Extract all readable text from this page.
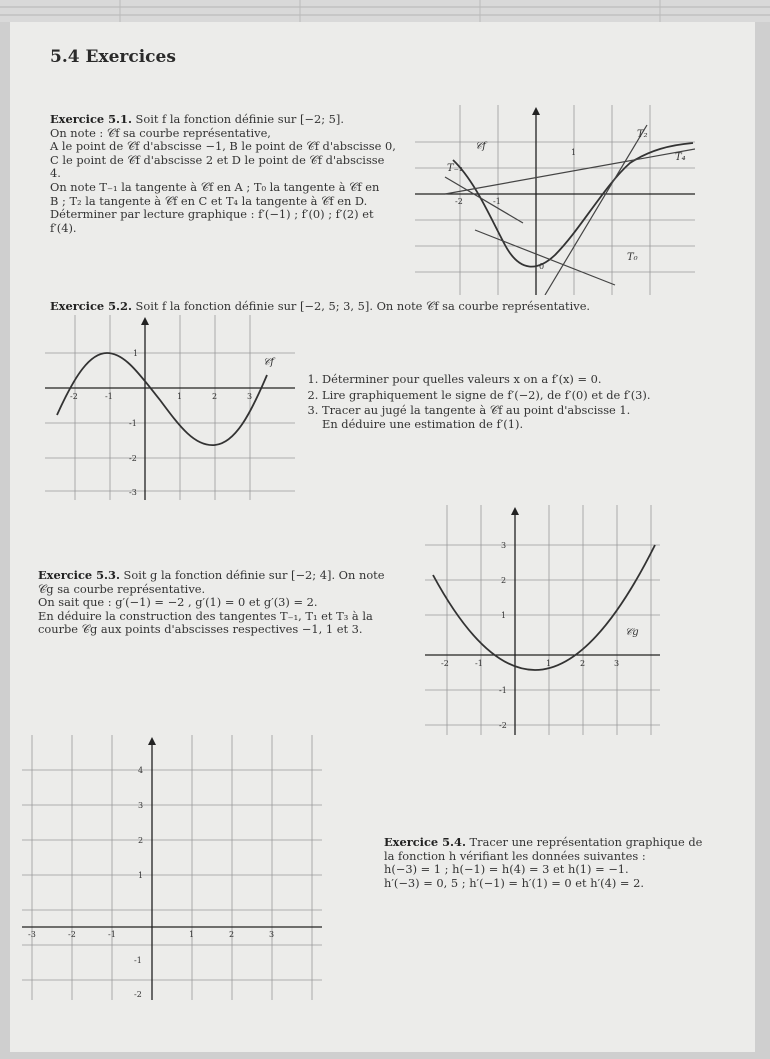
5.4 Exercices

Exercice 5.1. Soit f la fonction définie sur [−2; 5].

On note : 𝒞f sa courbe représentative,

A le point de 𝒞f d'abscisse −1, B le point de 𝒞f d'abscisse 0,

C le point de 𝒞f d'abscisse 2 et D le point de 𝒞f d'abscisse

4.

On note T₋₁ la tangente à 𝒞f en A ; T₀ la tangente à 𝒞f en

B ; T₂ la tangente à 𝒞f en C et T₄ la tangente à 𝒞f en D.

Déterminer par lecture graphique : f′(−1) ; f′(0) ; f′(2) et

f′(4).

𝒞f
T₂
T₄
T₀
T₋₁
-2	-1
0
1

Exercice 5.2. Soit f la fonction définie sur [−2, 5; 3, 5]. On note 𝒞f sa courbe représentative.

𝒞f
-2	-1	1	2	3
1
-1
-2
-3
1. Déterminer pour quelles valeurs x on a f′(x) = 0.
2. Lire graphiquement le signe de f′(−2), de f′(0) et de f′(3).
3. Tracer au jugé la tangente à 𝒞f au point d'abscisse 1.
En déduire une estimation de f′(1).

Exercice 5.3. Soit g la fonction définie sur [−2; 4]. On note

𝒞g sa courbe représentative.

On sait que : g′(−1) = −2 , g′(1) = 0 et g′(3) = 2.

En déduire la construction des tangentes T₋₁, T₁ et T₃ à la

courbe 𝒞g aux points d'abscisses respectives −1, 1 et 3.	𝒞g
-2	-1	1	2	3
3
2
1
-1
-2
-3	-2	-1	1	2	3
4
3
2
1
-1
-2

Exercice 5.4. Tracer une représentation graphique de

la fonction h vérifiant les données suivantes :

h(−3) = 1 ; h(−1) = h(4) = 3 et h(1) = −1.

h′(−3) = 0, 5 ; h′(−1) = h′(1) = 0 et h′(4) = 2.
